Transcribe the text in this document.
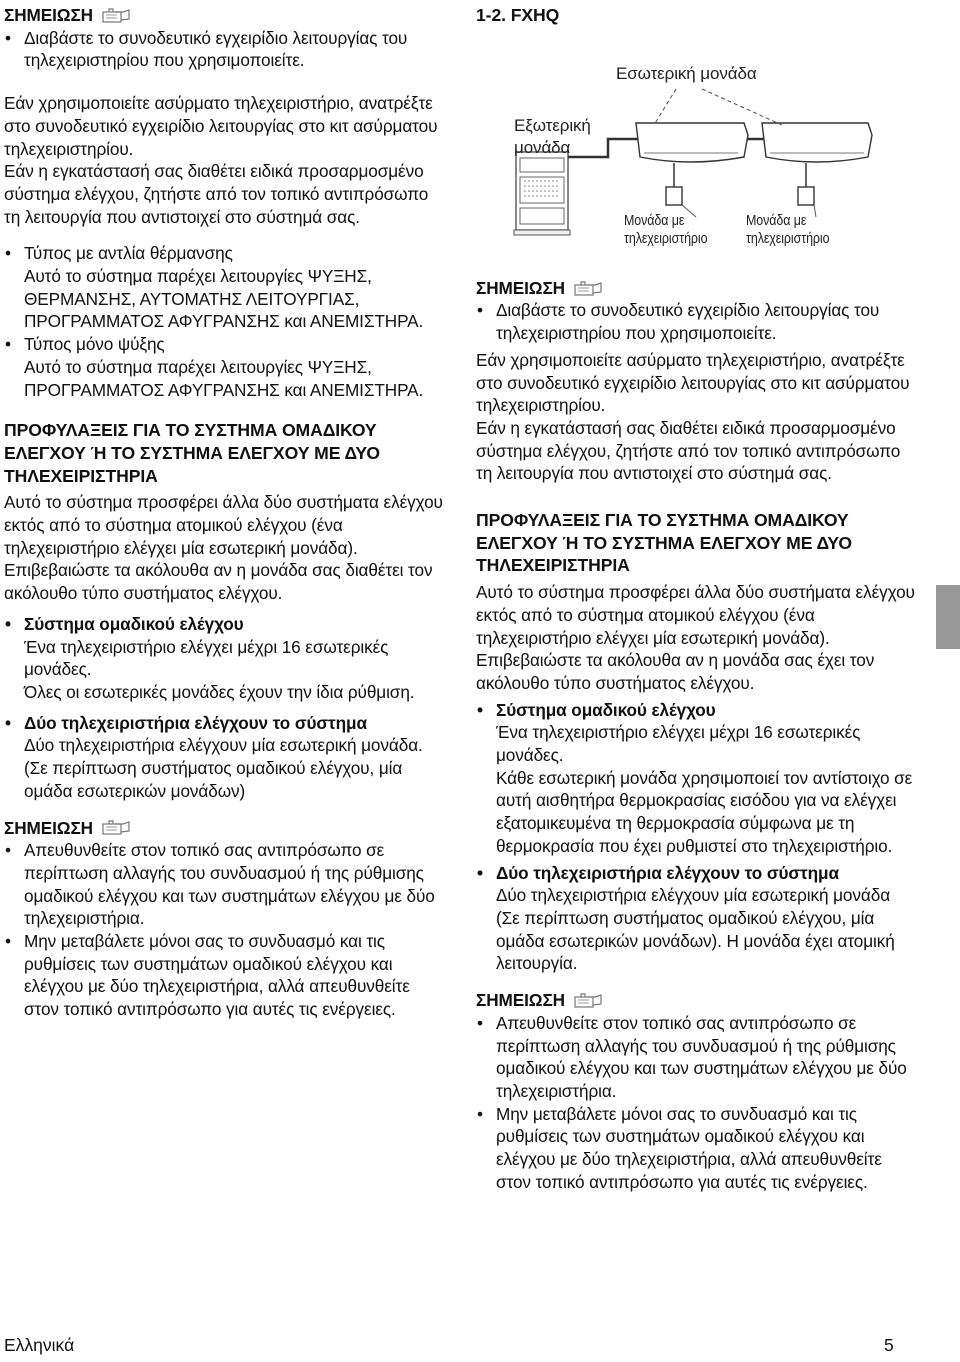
ΣΗΜΕΙΩΣΗ

• Διαβάστε το συνοδευτικό εγχειρίδιο λειτουργίας του τηλεχειριστηρίου που χρησιμοποιείτε.

Εάν χρησιμοποιείτε ασύρματο τηλεχειριστήριο, ανατρέξτε στο συνοδευτικό εγχειρίδιο λειτουργίας στο κιτ ασύρματου τηλεχειριστηρίου.

Εάν η εγκατάστασή σας διαθέτει ειδικά προσαρμοσμένο σύστημα ελέγχου, ζητήστε από τον τοπικό αντιπρόσωπο τη λειτουργία που αντιστοιχεί στο σύστημά σας.

• Τύπος με αντλία θέρμανσης

Αυτό το σύστημα παρέχει λειτουργίες ΨΥΞΗΣ, ΘΕΡΜΑΝΣΗΣ, ΑΥΤΟΜΑΤΗΣ ΛΕΙΤΟΥΡΓΙΑΣ, ΠΡΟΓΡΑΜΜΑΤΟΣ ΑΦΥΓΡΑΝΣΗΣ και ΑΝΕΜΙΣΤΗΡΑ.

• Τύπος μόνο ψύξης

Αυτό το σύστημα παρέχει λειτουργίες ΨΥΞΗΣ, ΠΡΟΓΡΑΜΜΑΤΟΣ ΑΦΥΓΡΑΝΣΗΣ και ΑΝΕΜΙΣΤΗΡΑ.

ΠΡΟΦΥΛΑΞΕΙΣ ΓΙΑ ΤΟ ΣΥΣΤΗΜΑ ΟΜΑΔΙΚΟΥ ΕΛΕΓΧΟΥ Ή ΤΟ ΣΥΣΤΗΜΑ ΕΛΕΓΧΟΥ ΜΕ ΔΥΟ ΤΗΛΕΧΕΙΡΙΣΤΗΡΙΑ

Αυτό το σύστημα προσφέρει άλλα δύο συστήματα ελέγχου εκτός από το σύστημα ατομικού ελέγχου (ένα τηλεχειριστήριο ελέγχει μία εσωτερική μονάδα). Επιβεβαιώστε τα ακόλουθα αν η μονάδα σας διαθέτει τον ακόλουθο τύπο συστήματος ελέγχου.

• Σύστημα ομαδικού ελέγχου

Ένα τηλεχειριστήριο ελέγχει μέχρι 16 εσωτερικές μονάδες.

Όλες οι εσωτερικές μονάδες έχουν την ίδια ρύθμιση.

• Δύο τηλεχειριστήρια ελέγχουν το σύστημα

Δύο τηλεχειριστήρια ελέγχουν μία εσωτερική μονάδα. (Σε περίπτωση συστήματος ομαδικού ελέγχου, μία ομάδα εσωτερικών μονάδων)

ΣΗΜΕΙΩΣΗ

• Απευθυνθείτε στον τοπικό σας αντιπρόσωπο σε περίπτωση αλλαγής του συνδυασμού ή της ρύθμισης ομαδικού ελέγχου και των συστημάτων ελέγχου με δύο τηλεχειριστήρια.

• Μην μεταβάλετε μόνοι σας το συνδυασμό και τις ρυθμίσεις των συστημάτων ομαδικού ελέγχου και ελέγχου με δύο τηλεχειριστήρια, αλλά απευθυνθείτε στον τοπικό αντιπρόσωπο για αυτές τις ενέργειες.

1-2. FXHQ

Εσωτερική μονάδα
Εξωτερική
μονάδα
Μονάδα με
τηλεχειριστήριο
Μονάδα με
τηλεχειριστήριο
ΣΗΜΕΙΩΣΗ

• Διαβάστε το συνοδευτικό εγχειρίδιο λειτουργίας του τηλεχειριστηρίου που χρησιμοποιείτε.

Εάν χρησιμοποιείτε ασύρματο τηλεχειριστήριο, ανατρέξτε στο συνοδευτικό εγχειρίδιο λειτουργίας στο κιτ ασύρματου τηλεχειριστηρίου.

Εάν η εγκατάστασή σας διαθέτει ειδικά προσαρμοσμένο σύστημα ελέγχου, ζητήστε από τον τοπικό αντιπρόσωπο τη λειτουργία που αντιστοιχεί στο σύστημά σας.

ΠΡΟΦΥΛΑΞΕΙΣ ΓΙΑ ΤΟ ΣΥΣΤΗΜΑ ΟΜΑΔΙΚΟΥ ΕΛΕΓΧΟΥ Ή ΤΟ ΣΥΣΤΗΜΑ ΕΛΕΓΧΟΥ ΜΕ ΔΥΟ ΤΗΛΕΧΕΙΡΙΣΤΗΡΙΑ

Αυτό το σύστημα προσφέρει άλλα δύο συστήματα ελέγχου εκτός από το σύστημα ατομικού ελέγχου (ένα τηλεχειριστήριο ελέγχει μία εσωτερική μονάδα). Επιβεβαιώστε τα ακόλουθα αν η μονάδα σας έχει τον ακόλουθο τύπο συστήματος ελέγχου.

• Σύστημα ομαδικού ελέγχου

Ένα τηλεχειριστήριο ελέγχει μέχρι 16 εσωτερικές μονάδες.

Κάθε εσωτερική μονάδα χρησιμοποιεί τον αντίστοιχο σε αυτή αισθητήρα θερμοκρασίας εισόδου για να ελέγχει εξατομικευμένα τη θερμοκρασία σύμφωνα με τη θερμοκρασία που έχει ρυθμιστεί στο τηλεχειριστήριο.

• Δύο τηλεχειριστήρια ελέγχουν το σύστημα

Δύο τηλεχειριστήρια ελέγχουν μία εσωτερική μονάδα (Σε περίπτωση συστήματος ομαδικού ελέγχου, μία ομάδα εσωτερικών μονάδων). Η μονάδα έχει ατομική λειτουργία.

ΣΗΜΕΙΩΣΗ

• Απευθυνθείτε στον τοπικό σας αντιπρόσωπο σε περίπτωση αλλαγής του συνδυασμού ή της ρύθμισης ομαδικού ελέγχου και των συστημάτων ελέγχου με δύο τηλεχειριστήρια.

• Μην μεταβάλετε μόνοι σας το συνδυασμό και τις ρυθμίσεις των συστημάτων ομαδικού ελέγχου και ελέγχου με δύο τηλεχειριστήρια, αλλά απευθυνθείτε στον τοπικό αντιπρόσωπο για αυτές τις ενέργειες.

Ελληνικά	5
